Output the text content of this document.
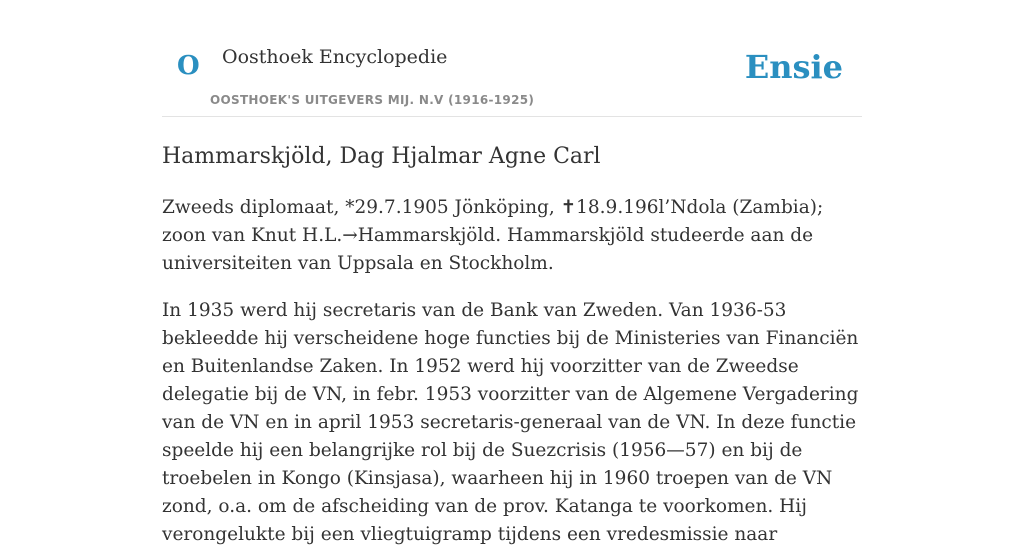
O Oosthoek Encyclopedie
OOSTHOEK'S UITGEVERS MIJ. N.V (1916-1925)
Ensie
Hammarskjöld, Dag Hjalmar Agne Carl

Zweeds diplomaat, *29.7.1905 Jönköping, ✝18.9.196l’Ndola (Zambia); zoon van Knut H.L.→Hammarskjöld. Hammarskjöld studeerde aan de universiteiten van Uppsala en Stockholm.

In 1935 werd hij secretaris van de Bank van Zweden. Van 1936-53 bekleedde hij verscheidene hoge functies bij de Ministeries van Financiën en Buitenlandse Zaken. In 1952 werd hij voorzitter van de Zweedse delegatie bij de VN, in febr. 1953 voorzitter van de Algemene Vergadering van de VN en in april 1953 secretaris-generaal van de VN. In deze functie speelde hij een belangrijke rol bij de Suezcrisis (1956—57) en bij de troebelen in Kongo (Kinsjasa), waarheen hij in 1960 troepen van de VN zond, o.a. om de afscheiding van de prov. Katanga te voorkomen. Hij verongelukte bij een vliegtuigramp tijdens een vredesmissie naar
